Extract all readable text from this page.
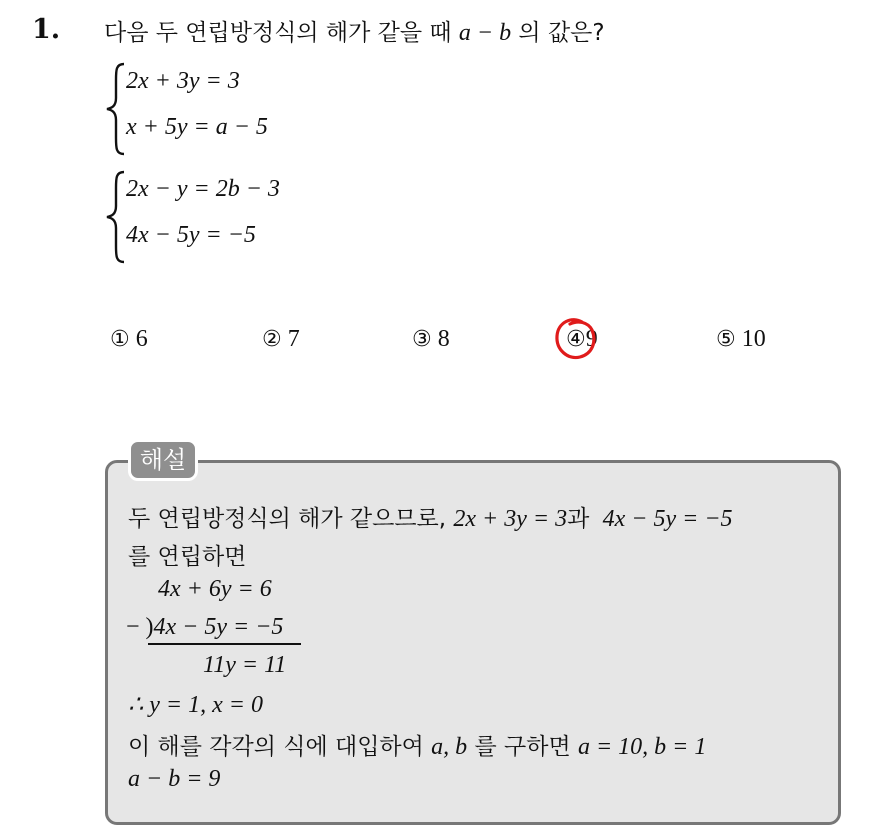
1. 다음 두 연립방정식의 해가 같을 때 a − b 의 값은?
2x + 3y = 3
x + 5y = a − 5
2x − y = 2b − 3
4x − 5y = −5
① 6	② 7	③ 8	④9	⑤ 10
해설
두 연립방정식의 해가 같으므로, 2x + 3y = 3과  4x − 5y = −5
를 연립하면
4x + 6y = 6
− )4x − 5y = −5
11y = 11
∴ y = 1, x = 0
이 해를 각각의 식에 대입하여 a, b 를 구하면 a = 10, b = 1
a − b = 9
